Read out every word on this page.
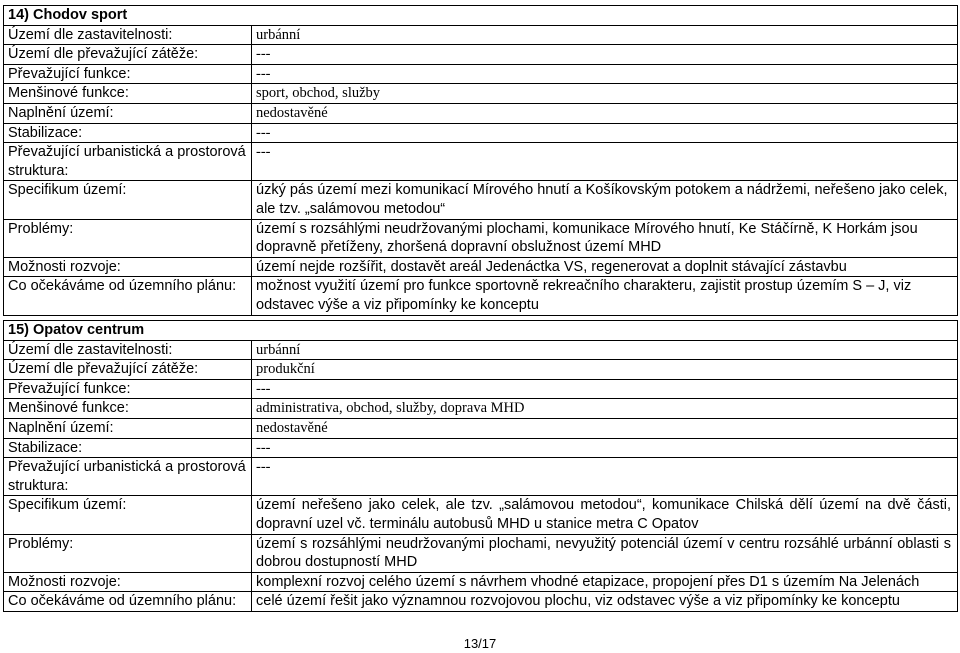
14) Chodov sport	
Území dle zastavitelnosti:	urbánní
Území dle převažující zátěže:	---
Převažující funkce:	---
Menšinové funkce:	sport, obchod, služby
Naplnění území:	nedostavěné
Stabilizace:	---
Převažující urbanistická a prostorová struktura:	---
Specifikum území:	úzký pás území mezi komunikací Mírového hnutí a Košíkovským potokem a nádržemi, neřešeno jako celek, ale tzv. „salámovou metodou“
Problémy:	území s rozsáhlými neudržovanými plochami, komunikace Mírového hnutí, Ke Stáčírně, K Horkám jsou dopravně přetíženy, zhoršená dopravní obslužnost území MHD
Možnosti rozvoje:	území nejde rozšířit, dostavět areál Jedenáctka VS, regenerovat a doplnit stávající zástavbu
Co očekáváme od územního plánu:	možnost využití území pro funkce sportovně rekreačního charakteru, zajistit prostup územím S – J, viz odstavec výše a viz připomínky ke konceptu
15) Opatov centrum	
Území dle zastavitelnosti:	urbánní
Území dle převažující zátěže:	produkční
Převažující funkce:	---
Menšinové funkce:	administrativa, obchod, služby, doprava MHD
Naplnění území:	nedostavěné
Stabilizace:	---
Převažující urbanistická a prostorová struktura:	---
Specifikum území:	území neřešeno jako celek, ale tzv. „salámovou metodou“, komunikace Chilská dělí území na dvě části, dopravní uzel vč. terminálu autobusů MHD u stanice metra C Opatov
Problémy:	území s rozsáhlými neudržovanými plochami, nevyužitý potenciál území v centru rozsáhlé urbánní oblasti s dobrou dostupností MHD
Možnosti rozvoje:	komplexní rozvoj celého území s návrhem vhodné etapizace, propojení přes D1 s územím Na Jelenách
Co očekáváme od územního plánu:	celé území řešit jako významnou rozvojovou plochu, viz odstavec výše a viz připomínky ke konceptu
13/17
